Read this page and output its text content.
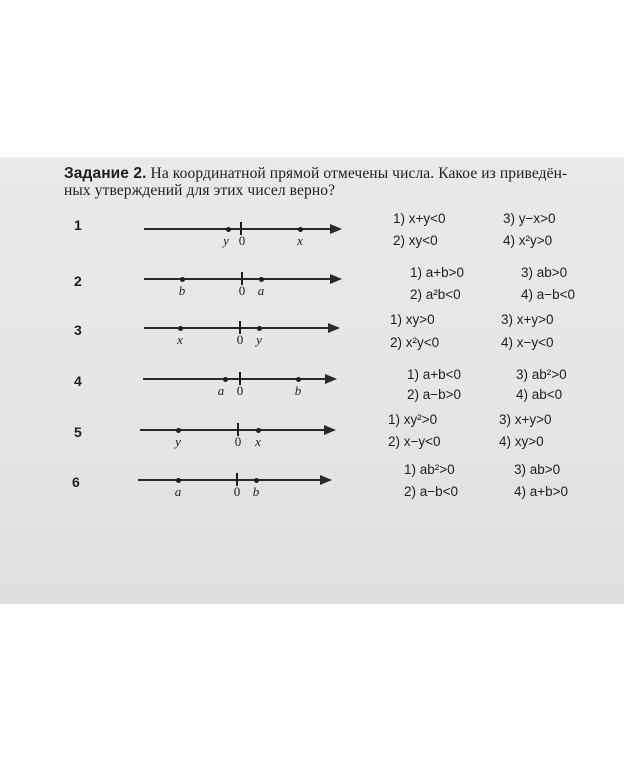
Задание 2. На координатной прямой отмечены числа. Какое из приведён-
ных утверждений для этих чисел верно?
1
y 0	x
1) x+y<0
2) xy<0
3) y−x>0
4) x²y>0
2
b	0 a
1) a+b>0
2) a²b<0
3) ab>0
4) a−b<0
3
x	0 y
1) xy>0
2) x²y<0
3) x+y>0
4) x−y<0
4
a 0	b
1) a+b<0
2) a−b>0
3) ab²>0
4) ab<0
5
y	0 x
1) xy²>0
2) x−y<0
3) x+y>0
4) xy>0
6
a	0 b
1) ab²>0
2) a−b<0
3) ab>0
4) a+b>0
